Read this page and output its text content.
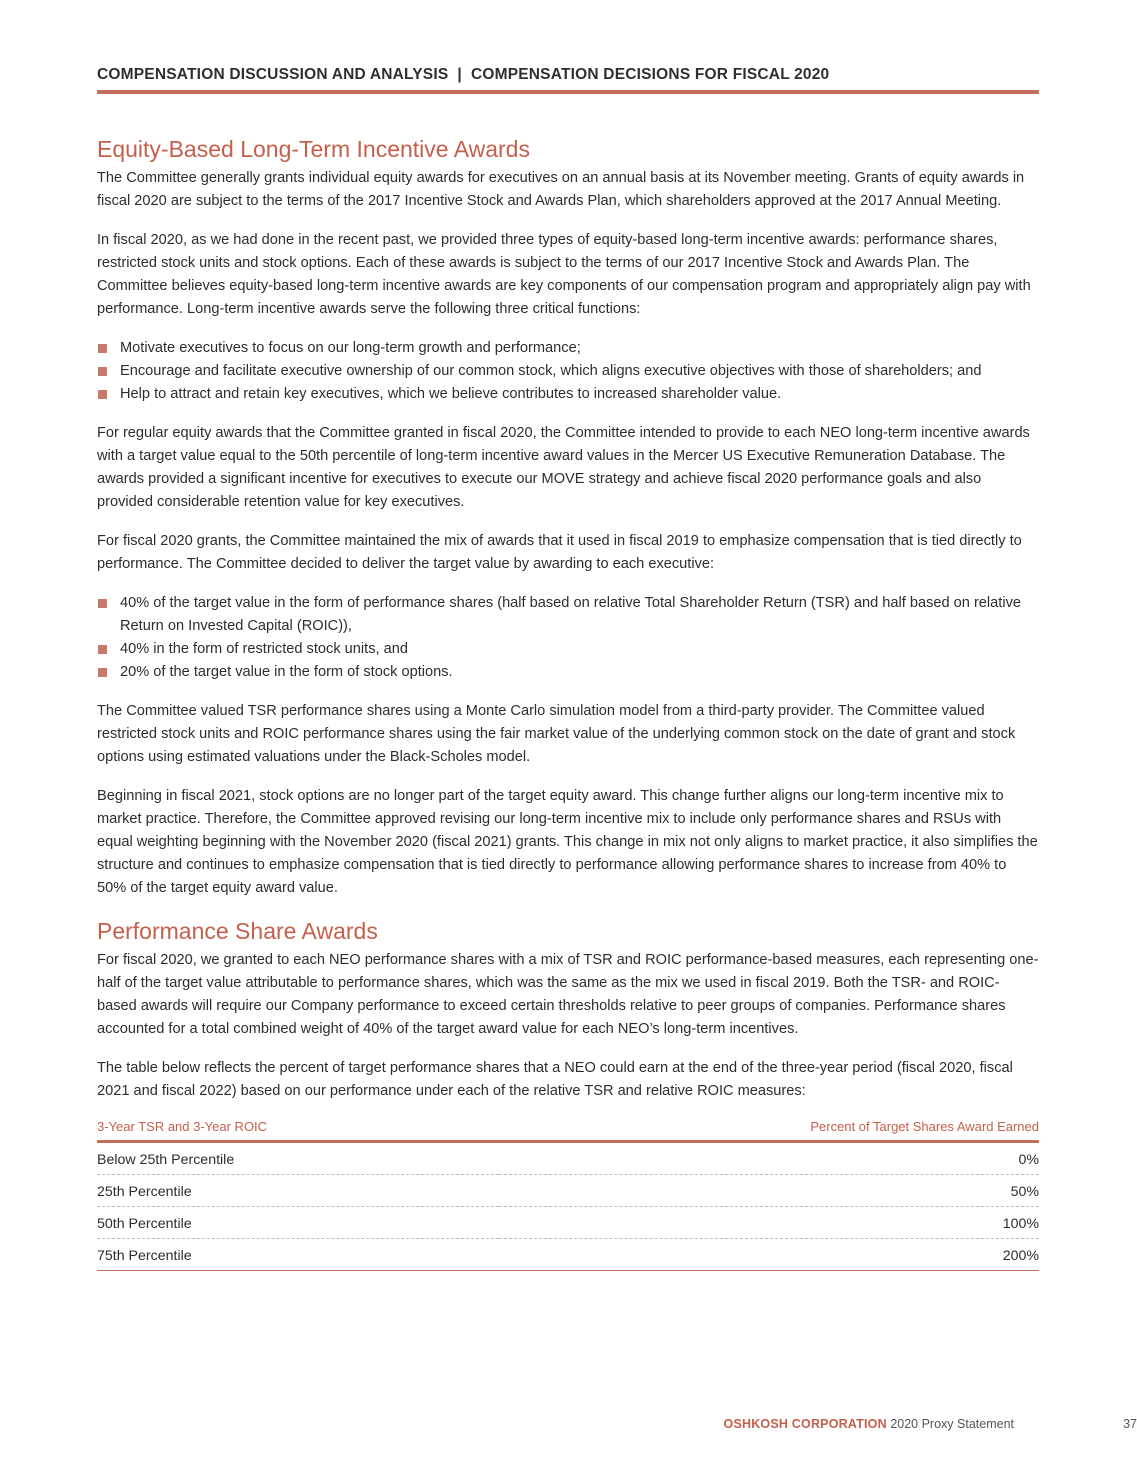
COMPENSATION DISCUSSION AND ANALYSIS | COMPENSATION DECISIONS FOR FISCAL 2020
Equity-Based Long-Term Incentive Awards

The Committee generally grants individual equity awards for executives on an annual basis at its November meeting. Grants of equity awards in fiscal 2020 are subject to the terms of the 2017 Incentive Stock and Awards Plan, which shareholders approved at the 2017 Annual Meeting.

In fiscal 2020, as we had done in the recent past, we provided three types of equity-based long-term incentive awards: performance shares, restricted stock units and stock options. Each of these awards is subject to the terms of our 2017 Incentive Stock and Awards Plan. The Committee believes equity-based long-term incentive awards are key components of our compensation program and appropriately align pay with performance. Long-term incentive awards serve the following three critical functions:

Motivate executives to focus on our long-term growth and performance;
Encourage and facilitate executive ownership of our common stock, which aligns executive objectives with those of shareholders; and
Help to attract and retain key executives, which we believe contributes to increased shareholder value.

For regular equity awards that the Committee granted in fiscal 2020, the Committee intended to provide to each NEO long-term incentive awards with a target value equal to the 50th percentile of long-term incentive award values in the Mercer US Executive Remuneration Database. The awards provided a significant incentive for executives to execute our MOVE strategy and achieve fiscal 2020 performance goals and also provided considerable retention value for key executives.

For fiscal 2020 grants, the Committee maintained the mix of awards that it used in fiscal 2019 to emphasize compensation that is tied directly to performance. The Committee decided to deliver the target value by awarding to each executive:

40% of the target value in the form of performance shares (half based on relative Total Shareholder Return (TSR) and half based on relative Return on Invested Capital (ROIC)),
40% in the form of restricted stock units, and
20% of the target value in the form of stock options.

The Committee valued TSR performance shares using a Monte Carlo simulation model from a third-party provider. The Committee valued restricted stock units and ROIC performance shares using the fair market value of the underlying common stock on the date of grant and stock options using estimated valuations under the Black-Scholes model.

Beginning in fiscal 2021, stock options are no longer part of the target equity award. This change further aligns our long-term incentive mix to market practice. Therefore, the Committee approved revising our long-term incentive mix to include only performance shares and RSUs with equal weighting beginning with the November 2020 (fiscal 2021) grants. This change in mix not only aligns to market practice, it also simplifies the structure and continues to emphasize compensation that is tied directly to performance allowing performance shares to increase from 40% to 50% of the target equity award value.

Performance Share Awards

For fiscal 2020, we granted to each NEO performance shares with a mix of TSR and ROIC performance-based measures, each representing one-half of the target value attributable to performance shares, which was the same as the mix we used in fiscal 2019. Both the TSR- and ROIC-based awards will require our Company performance to exceed certain thresholds relative to peer groups of companies. Performance shares accounted for a total combined weight of 40% of the target award value for each NEO’s long-term incentives.

The table below reflects the percent of target performance shares that a NEO could earn at the end of the three-year period (fiscal 2020, fiscal 2021 and fiscal 2022) based on our performance under each of the relative TSR and relative ROIC measures:

3-Year TSR and 3-Year ROIC	Percent of Target Shares Award Earned
Below 25th Percentile	0%
25th Percentile	50%
50th Percentile	100%
75th Percentile	200%
OSHKOSH CORPORATION 2020 Proxy Statement	37
